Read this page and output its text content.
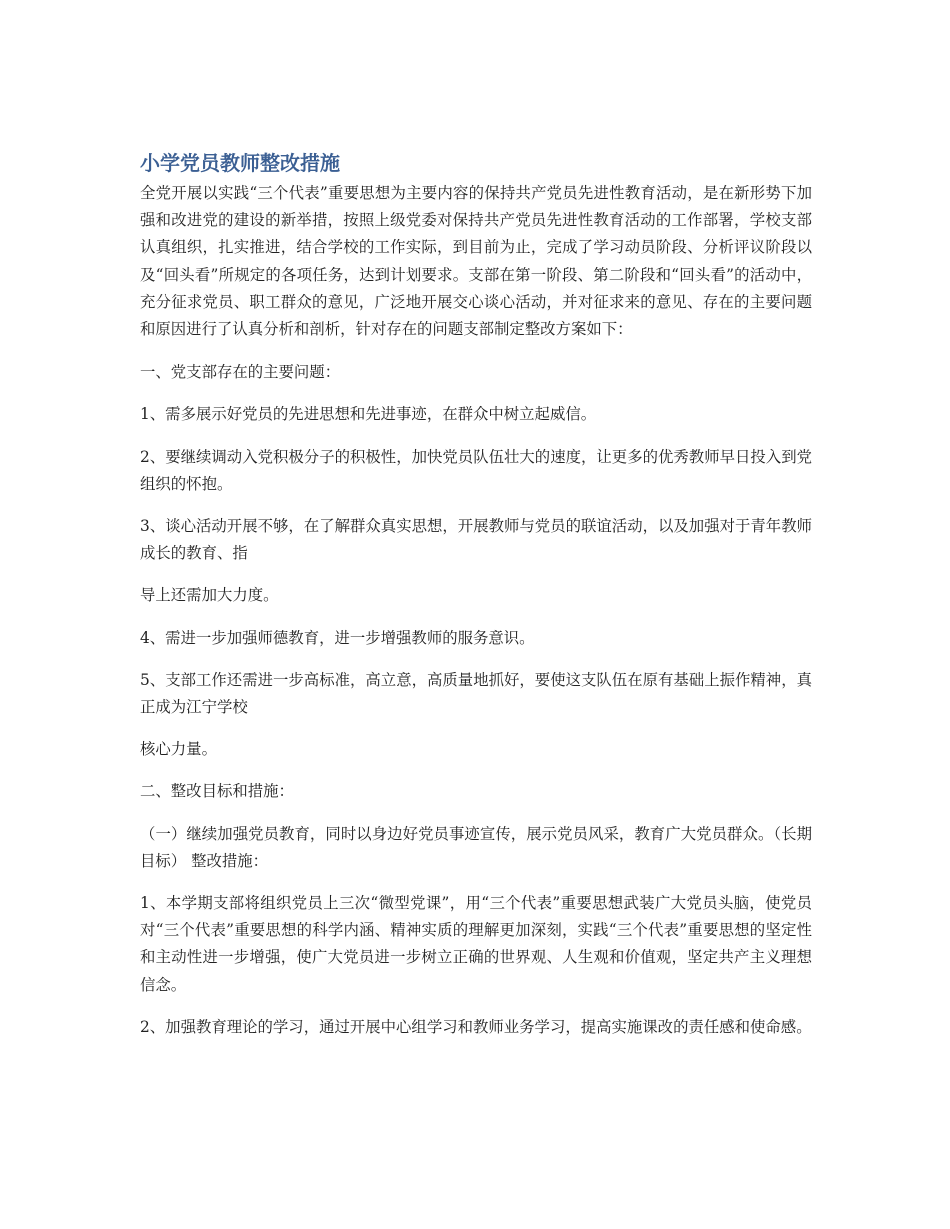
小学党员教师整改措施

全党开展以实践“三个代表”重要思想为主要内容的保持共产党员先进性教育活动，是在新形势下加强和改进党的建设的新举措，按照上级党委对保持共产党员先进性教育活动的工作部署，学校支部认真组织，扎实推进，结合学校的工作实际，到目前为止，完成了学习动员阶段、分析评议阶段以及“回头看”所规定的各项任务，达到计划要求。支部在第一阶段、第二阶段和“回头看”的活动中，充分征求党员、职工群众的意见，广泛地开展交心谈心活动，并对征求来的意见、存在的主要问题和原因进行了认真分析和剖析，针对存在的问题支部制定整改方案如下：

一、党支部存在的主要问题：

1、需多展示好党员的先进思想和先进事迹，在群众中树立起威信。

2、要继续调动入党积极分子的积极性，加快党员队伍壮大的速度，让更多的优秀教师早日投入到党组织的怀抱。

3、谈心活动开展不够，在了解群众真实思想，开展教师与党员的联谊活动，以及加强对于青年教师成长的教育、指

导上还需加大力度。

4、需进一步加强师德教育，进一步增强教师的服务意识。

5、支部工作还需进一步高标准，高立意，高质量地抓好，要使这支队伍在原有基础上振作精神，真正成为江宁学校

核心力量。

二、整改目标和措施：

（一）继续加强党员教育，同时以身边好党员事迹宣传，展示党员风采，教育广大党员群众。（长期目标） 整改措施：

1、本学期支部将组织党员上三次“微型党课”，用“三个代表”重要思想武装广大党员头脑，使党员对“三个代表”重要思想的科学内涵、精神实质的理解更加深刻，实践“三个代表”重要思想的坚定性和主动性进一步增强，使广大党员进一步树立正确的世界观、人生观和价值观，坚定共产主义理想信念。

2、加强教育理论的学习，通过开展中心组学习和教师业务学习，提高实施课改的责任感和使命感。
